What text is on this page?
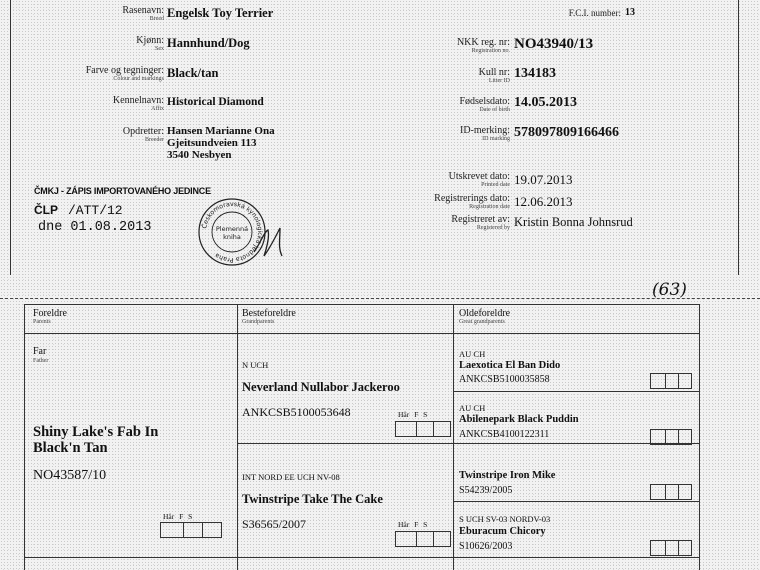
Rasenavn:
Breed Engelsk Toy Terrier
Kjønn:
Sex Hannhund/Dog
Farve og tegninger:
Colour and markings Black/tan
Kennelnavn:
Affix
Historical Diamond
Opdretter:
Breeder
Hansen Marianne Ona
Gjeitsundveien 113
3540 Nesbyen
F.C.I. number: 13
NKK reg. nr:
Registration no. NO43940/13
Kull nr:
Litter ID 134183
Fødselsdato:
Date of birth 14.05.2013
ID-merking:
ID marking 578097809166466
Utskrevet dato:
Printed date 19.07.2013
Registrerings dato:
Registration date 12.06.2013
Registreret av:
Registered by Kristin Bonna Johnsrud
ČMKJ - ZÁPIS IMPORTOVANÉHO JEDINCE
ČLP /ATT/12
dne 01.08.2013	Českomoravská kynologická jednota Praha
Plemenná
kniha
(63)
Foreldre
Parents
Besteforeldre
Grandparents
Oldeforeldre
Great grandparents
Far
Father
Shiny Lake's Fab In Black'n Tan
NO43587/10
Hår F S
N UCH
Neverland Nullabor Jackeroo
ANKCSB5100053648	Hår F S
INT NORD EE UCH NV-08
Twinstripe Take The Cake
S36565/2007	Hår F S
AU CH
Laexotica El Ban Dido
ANKCSB5100035858
AU CH
Abilenepark Black Puddin
ANKCSB4100122311
Twinstripe Iron Mike
S54239/2005
S UCH SV-03 NORDV-03
Eburacum Chicory
S10626/2003
